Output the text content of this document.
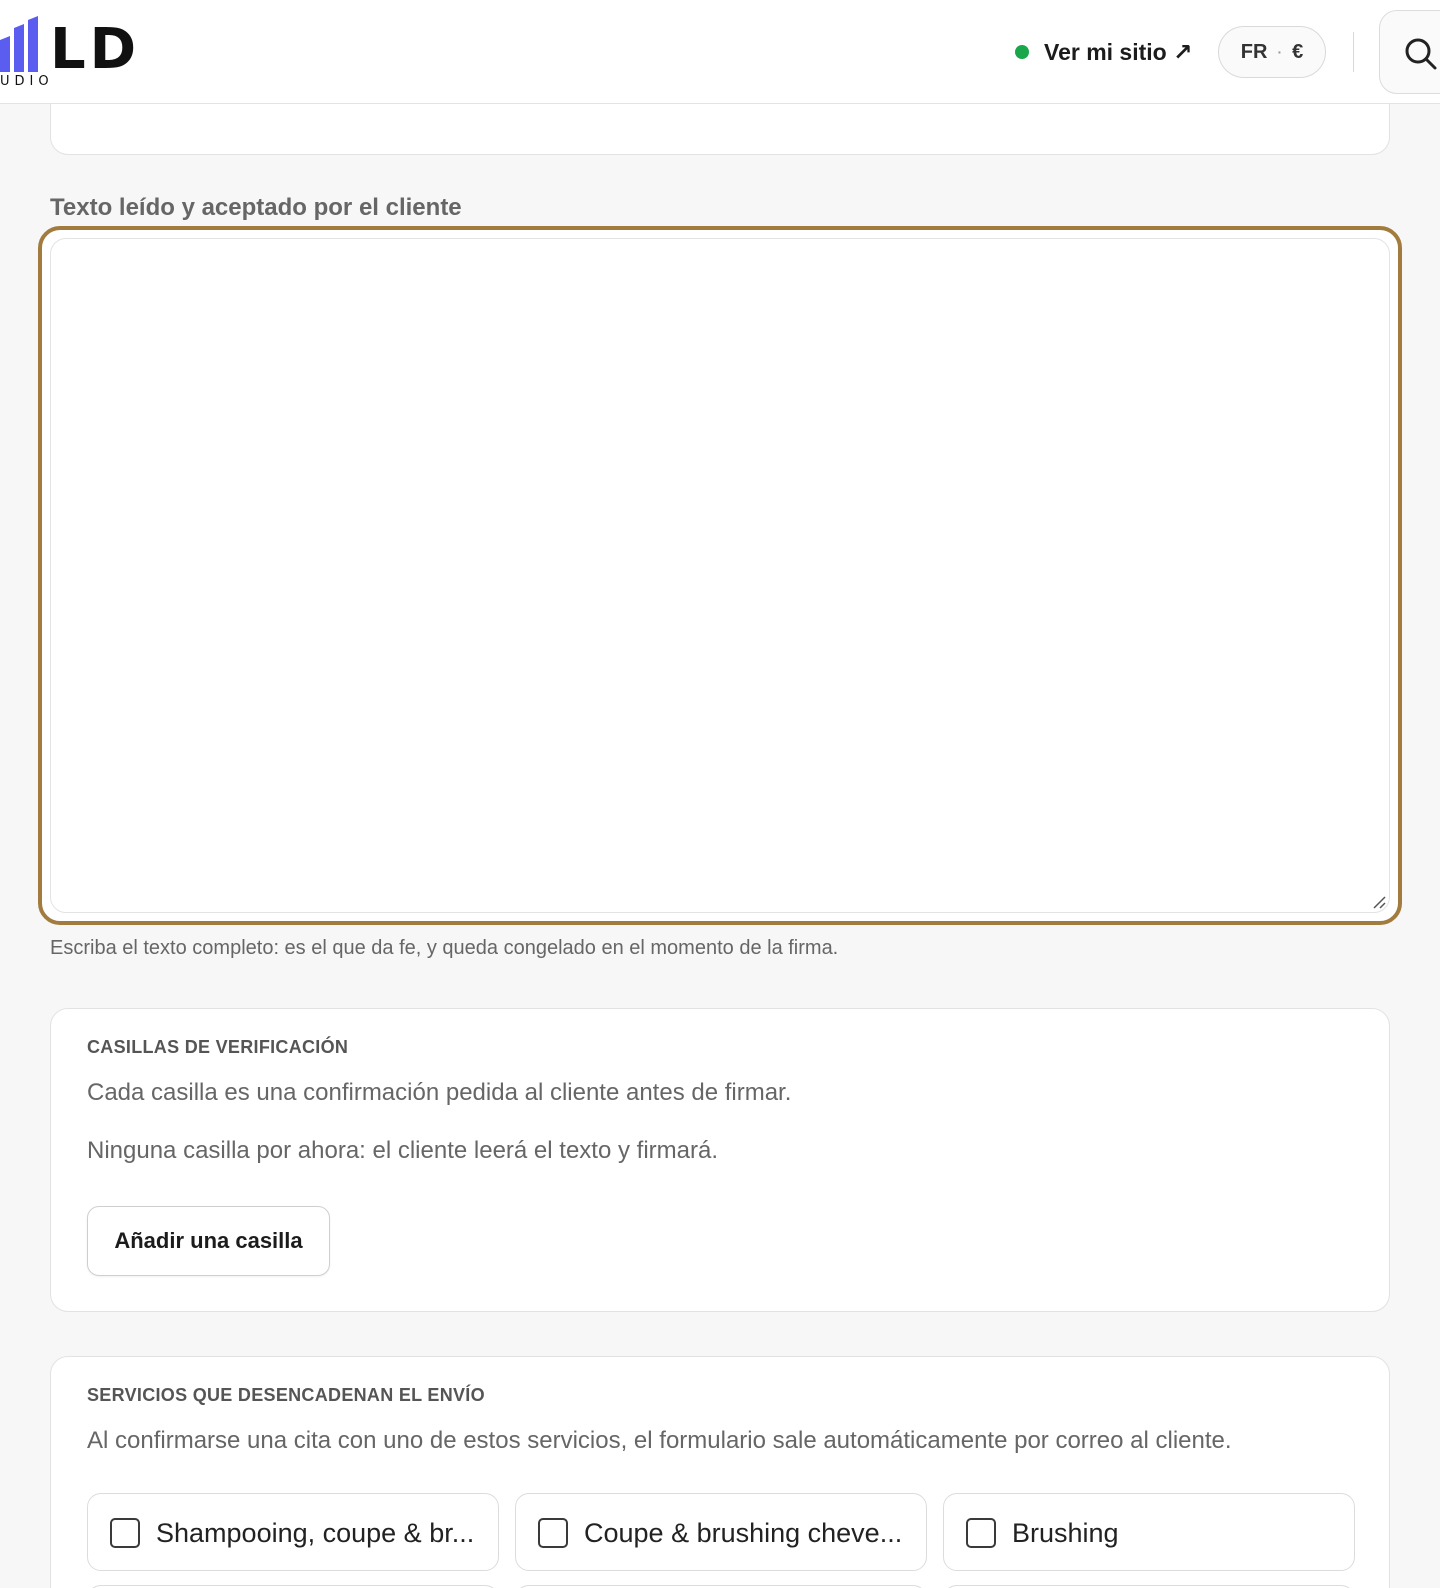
LD
UDIO
Ver mi sitio ↗ FR · €
Texto leído y aceptado por el cliente

Escriba el texto completo: es el que da fe, y queda congelado en el momento de la firma.

CASILLAS DE VERIFICACIÓN

Cada casilla es una confirmación pedida al cliente antes de firmar.

Ninguna casilla por ahora: el cliente leerá el texto y firmará.

Añadir una casilla
SERVICIOS QUE DESENCADENAN EL ENVÍO

Al confirmarse una cita con uno de estos servicios, el formulario sale automáticamente por correo al cliente.

Shampooing, coupe & br...	Coupe & brushing cheve...	Brushing
